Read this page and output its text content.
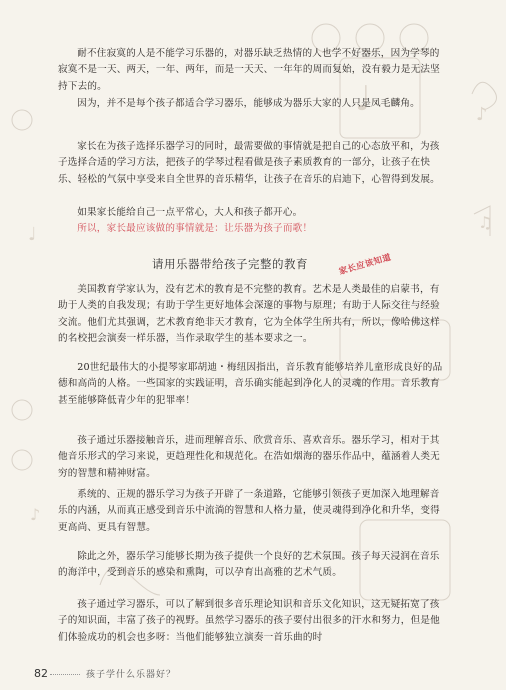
♩	♪
♫
♩
♪

耐不住寂寞的人是不能学习乐器的，对器乐缺乏热情的人也学不好器乐，因为学琴的寂寞不是一天、两天，一年、两年，而是一天天、一年年的周而复始，没有毅力是无法坚持下去的。

因为，并不是每个孩子都适合学习器乐，能够成为器乐大家的人只是凤毛麟角。

家长在为孩子选择乐器学习的同时，最需要做的事情就是把自己的心态放平和，为孩子选择合适的学习方法，把孩子的学琴过程看做是孩子素质教育的一部分，让孩子在快乐、轻松的气氛中享受来自全世界的音乐精华，让孩子在音乐的启迪下，心智得到发展。

如果家长能给自己一点平常心，大人和孩子都开心。

所以，家长最应该做的事情就是：让乐器为孩子而歌！

请用乐器带给孩子完整的教育	家长应该知道

美国教育学家认为，没有艺术的教育是不完整的教育。艺术是人类最佳的启蒙书，有助于人类的自我发现；有助于学生更好地体会深邃的事物与原理；有助于人际交往与经验交流。他们尤其强调，艺术教育绝非天才教育，它为全体学生所共有，所以，像哈佛这样的名校把会演奏一样乐器，当作录取学生的基本要求之一。

20世纪最伟大的小提琴家耶胡迪・梅纽因指出，音乐教育能够培养儿童形成良好的品德和高尚的人格。一些国家的实践证明，音乐确实能起到净化人的灵魂的作用。音乐教育甚至能够降低青少年的犯罪率！

孩子通过乐器接触音乐，进而理解音乐、欣赏音乐、喜欢音乐。器乐学习，相对于其他音乐形式的学习来说，更趋理性化和规范化。在浩如烟海的器乐作品中，蕴涵着人类无穷的智慧和精神财富。

系统的、正规的器乐学习为孩子开辟了一条道路，它能够引领孩子更加深入地理解音乐的内涵，从而真正感受到音乐中流淌的智慧和人格力量，使灵魂得到净化和升华，变得更高尚、更具有智慧。

除此之外，器乐学习能够长期为孩子提供一个良好的艺术氛围。孩子每天浸润在音乐的海洋中，受到音乐的感染和熏陶，可以孕育出高雅的艺术气质。

孩子通过学习器乐，可以了解到很多音乐理论知识和音乐文化知识，这无疑拓宽了孩子的知识面，丰富了孩子的视野。虽然学习器乐的孩子要付出很多的汗水和努力，但是他们体验成功的机会也多呀：当他们能够独立演奏一首乐曲的时

82	孩子学什么乐器好？
